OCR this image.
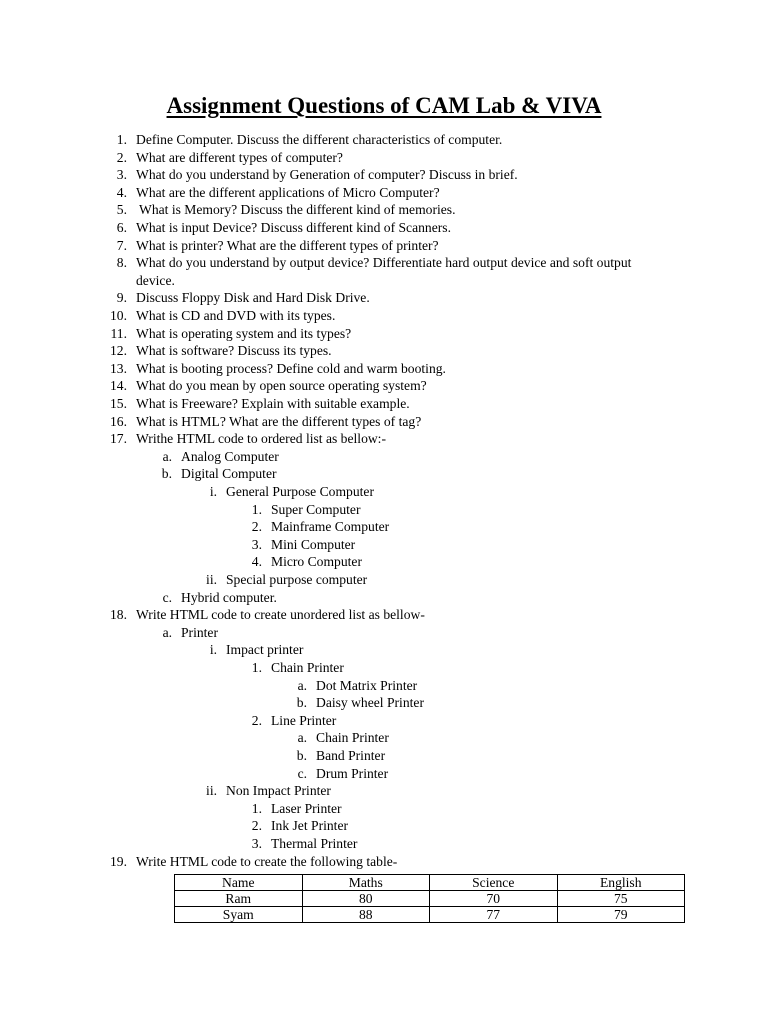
Assignment Questions of CAM Lab & VIVA
1. Define Computer. Discuss the different characteristics of computer.
2. What are different types of computer?
3. What do you understand by Generation of computer? Discuss in brief.
4. What are the different applications of Micro Computer?
5. What is Memory? Discuss the different kind of memories.
6. What is input Device? Discuss different kind of Scanners.
7. What is printer? What are the different types of printer?
8. What do you understand by output device? Differentiate hard output device and soft output
device.
9. Discuss Floppy Disk and Hard Disk Drive.
10. What is CD and DVD with its types.
11. What is operating system and its types?
12. What is software? Discuss its types.
13. What is booting process? Define cold and warm booting.
14. What do you mean by open source operating system?
15. What is Freeware? Explain with suitable example.
16. What is HTML? What are the different types of tag?
17. Writhe HTML code to ordered list as bellow:-
a. Analog Computer
b. Digital Computer
i. General Purpose Computer
1. Super Computer
2. Mainframe Computer
3. Mini Computer
4. Micro Computer
ii. Special purpose computer
c. Hybrid computer.
18. Write HTML code to create unordered list as bellow-
a. Printer
i. Impact printer
1. Chain Printer
a. Dot Matrix Printer
b. Daisy wheel Printer
2. Line Printer
a. Chain Printer
b. Band Printer
c. Drum Printer
ii. Non Impact Printer
1. Laser Printer
2. Ink Jet Printer
3. Thermal Printer
19. Write HTML code to create the following table-
Name	Maths	Science	English
Ram	80	70	75
Syam	88	77	79
